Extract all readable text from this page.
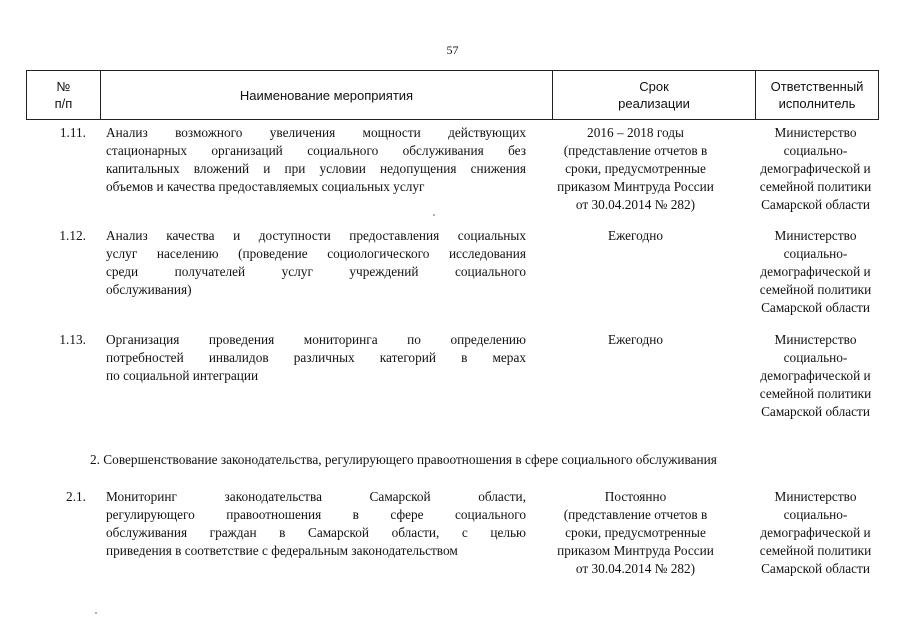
57
№
п/п
Наименование мероприятия
Срок
реализации
Ответственный
исполнитель
1.11. Анализ возможного увеличения мощности действующих
стационарных организаций социального обслуживания без
капитальных вложений и при условии недопущения снижения
объемов и качества предоставляемых социальных услуг
2016 – 2018 годы
(представление отчетов в
сроки, предусмотренные
приказом Минтруда России
от 30.04.2014 № 282)
Министерство
социально-
демографической и
семейной политики
Самарской области
1.12. Анализ качества и доступности предоставления социальных
услуг населению (проведение социологического исследования
среди получателей услуг учреждений социального
обслуживания)
Ежегодно	Министерство
социально-
демографической и
семейной политики
Самарской области
1.13. Организация проведения мониторинга по определению
потребностей инвалидов различных категорий в мерах
по социальной интеграции
Ежегодно	Министерство
социально-
демографической и
семейной политики
Самарской области
2. Совершенствование законодательства, регулирующего правоотношения в сфере социального обслуживания
2.1. Мониторинг законодательства Самарской области,
регулирующего правоотношения в сфере социального
обслуживания граждан в Самарской области, с целью
приведения в соответствие с федеральным законодательством
Постоянно
(представление отчетов в
сроки, предусмотренные
приказом Минтруда России
от 30.04.2014 № 282)
Министерство
социально-
демографической и
семейной политики
Самарской области
